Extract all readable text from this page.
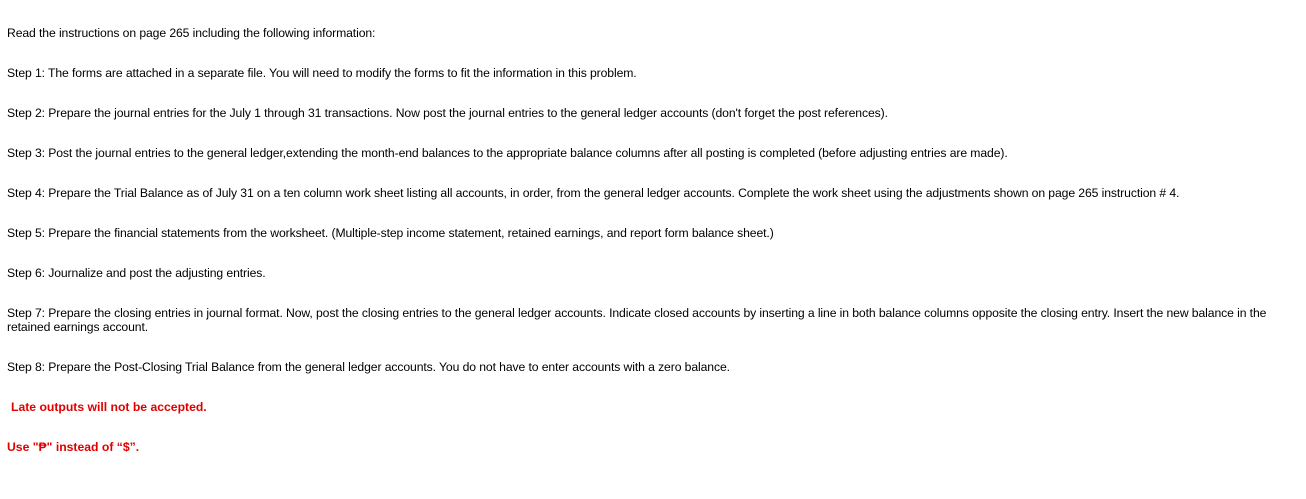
Read the instructions on page 265 including the following information:

Step 1: The forms are attached in a separate file. You will need to modify the forms to fit the information in this problem.

Step 2: Prepare the journal entries for the July 1 through 31 transactions. Now post the journal entries to the general ledger accounts (don't forget the post references).

Step 3: Post the journal entries to the general ledger,extending the month-end balances to the appropriate balance columns after all posting is completed (before adjusting entries are made).

Step 4: Prepare the Trial Balance as of July 31 on a ten column work sheet listing all accounts, in order, from the general ledger accounts. Complete the work sheet using the adjustments shown on page 265 instruction # 4.

Step 5: Prepare the financial statements from the worksheet. (Multiple-step income statement, retained earnings, and report form balance sheet.)

Step 6: Journalize and post the adjusting entries.

Step 7: Prepare the closing entries in journal format. Now, post the closing entries to the general ledger accounts. Indicate closed accounts by inserting a line in both balance columns opposite the closing entry. Insert the new balance in the retained earnings account.

Step 8: Prepare the Post-Closing Trial Balance from the general ledger accounts. You do not have to enter accounts with a zero balance.

Late outputs will not be accepted.

Use "₱" instead of “$”.
